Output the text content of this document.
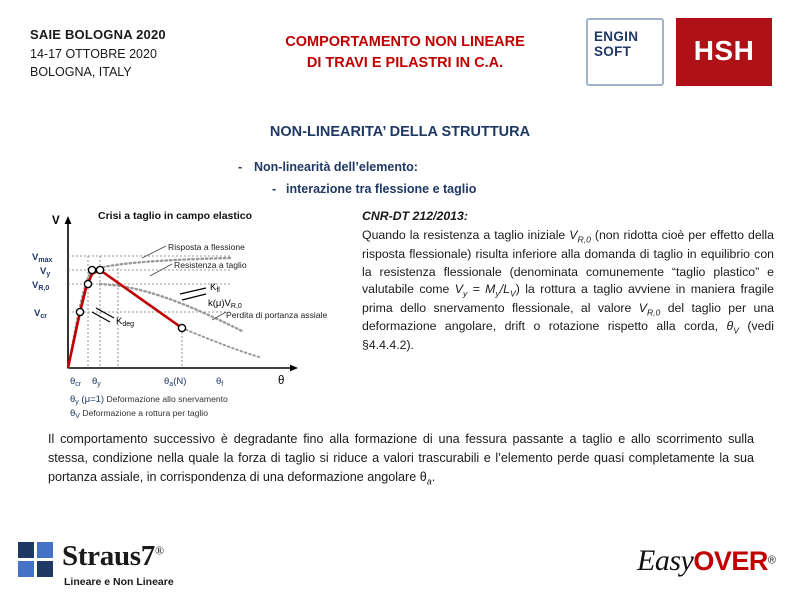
SAIE BOLOGNA 2020
14-17 OTTOBRE 2020
BOLOGNA, ITALY
COMPORTAMENTO NON LINEARE
DI TRAVI E PILASTRI IN C.A.
ENGIN
SOFT	HSH
NON-LINEARITA’ DELLA STRUTTURA
- Non-linearità dell’elemento:
- interazione tra flessione e taglio
Crisi a taglio in campo elastico
V
θ
$V_{max}$
$V_y$
$V_{R,0}$
$V_{cr}$
$\theta_{cr}$ $\theta_y$	$\theta_a(N)$	$\theta_f$
Risposta a flessione
Resistenza a taglio
Perdita di portanza assiale
$k(\mu)V_{R,0}$
$K_{fl}$
$K_{deg}$
$\theta_y$ (μ=1) Deformazione allo snervamento
$\theta_V$ Deformazione a rottura per taglio
CNR-DT 212/2013:
Quando la resistenza a taglio iniziale $V_{R,0}$ (non ridotta cioè per effetto della risposta flessionale) risulta inferiore alla domanda di taglio in equilibrio con la resistenza flessionale (denominata comunemente “taglio plastico” e valutabile come $V_y = M_y/L_V$) la rottura a taglio avviene in maniera fragile prima dello snervamento flessionale, al valore $V_{R,0}$ del taglio per una deformazione angolare, drift o rotazione rispetto alla corda, $\theta_V$ (vedi §4.4.4.2).
Il comportamento successivo è degradante fino alla formazione di una fessura passante a taglio e allo scorrimento sulla stessa, condizione nella quale la forza di taglio si riduce a valori trascurabili e l’elemento perde quasi completamente la sua portanza assiale, in corrispondenza di una deformazione angolare $\theta_a$.
Straus7®
Lineare e Non Lineare
EasyOVER®
